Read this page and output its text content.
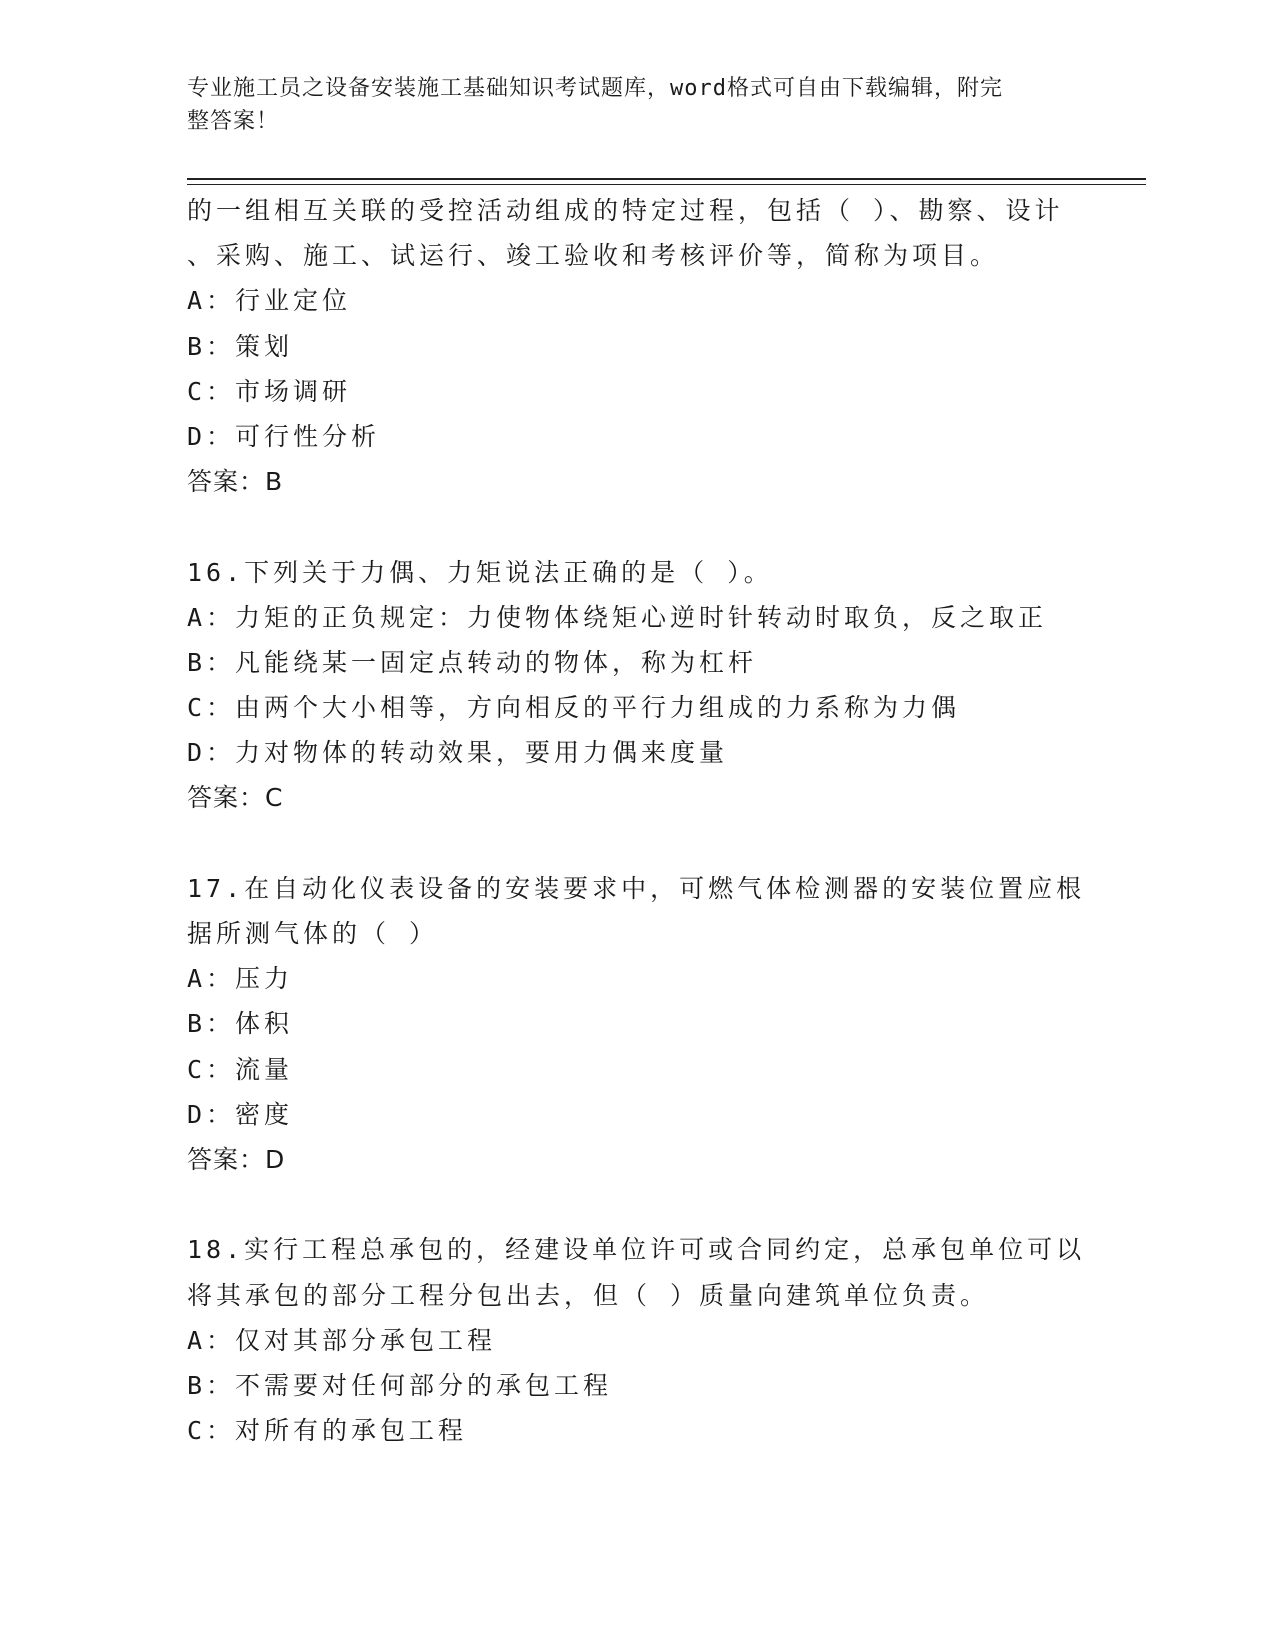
专业施工员之设备安装施工基础知识考试题库，word格式可自由下载编辑，附完
整答案！
的一组相互关联的受控活动组成的特定过程，包括（ ）、勘察、设计
、采购、施工、试运行、竣工验收和考核评价等，简称为项目。
A：行业定位
B：策划
C：市场调研
D：可行性分析
答案：B
16.下列关于力偶、力矩说法正确的是（ ）。
A：力矩的正负规定：力使物体绕矩心逆时针转动时取负，反之取正
B：凡能绕某一固定点转动的物体，称为杠杆
C：由两个大小相等，方向相反的平行力组成的力系称为力偶
D：力对物体的转动效果，要用力偶来度量
答案：C
17.在自动化仪表设备的安装要求中，可燃气体检测器的安装位置应根
据所测气体的（ ）
A：压力
B：体积
C：流量
D：密度
答案：D
18.实行工程总承包的，经建设单位许可或合同约定，总承包单位可以
将其承包的部分工程分包出去，但（ ）质量向建筑单位负责。
A：仅对其部分承包工程
B：不需要对任何部分的承包工程
C：对所有的承包工程
